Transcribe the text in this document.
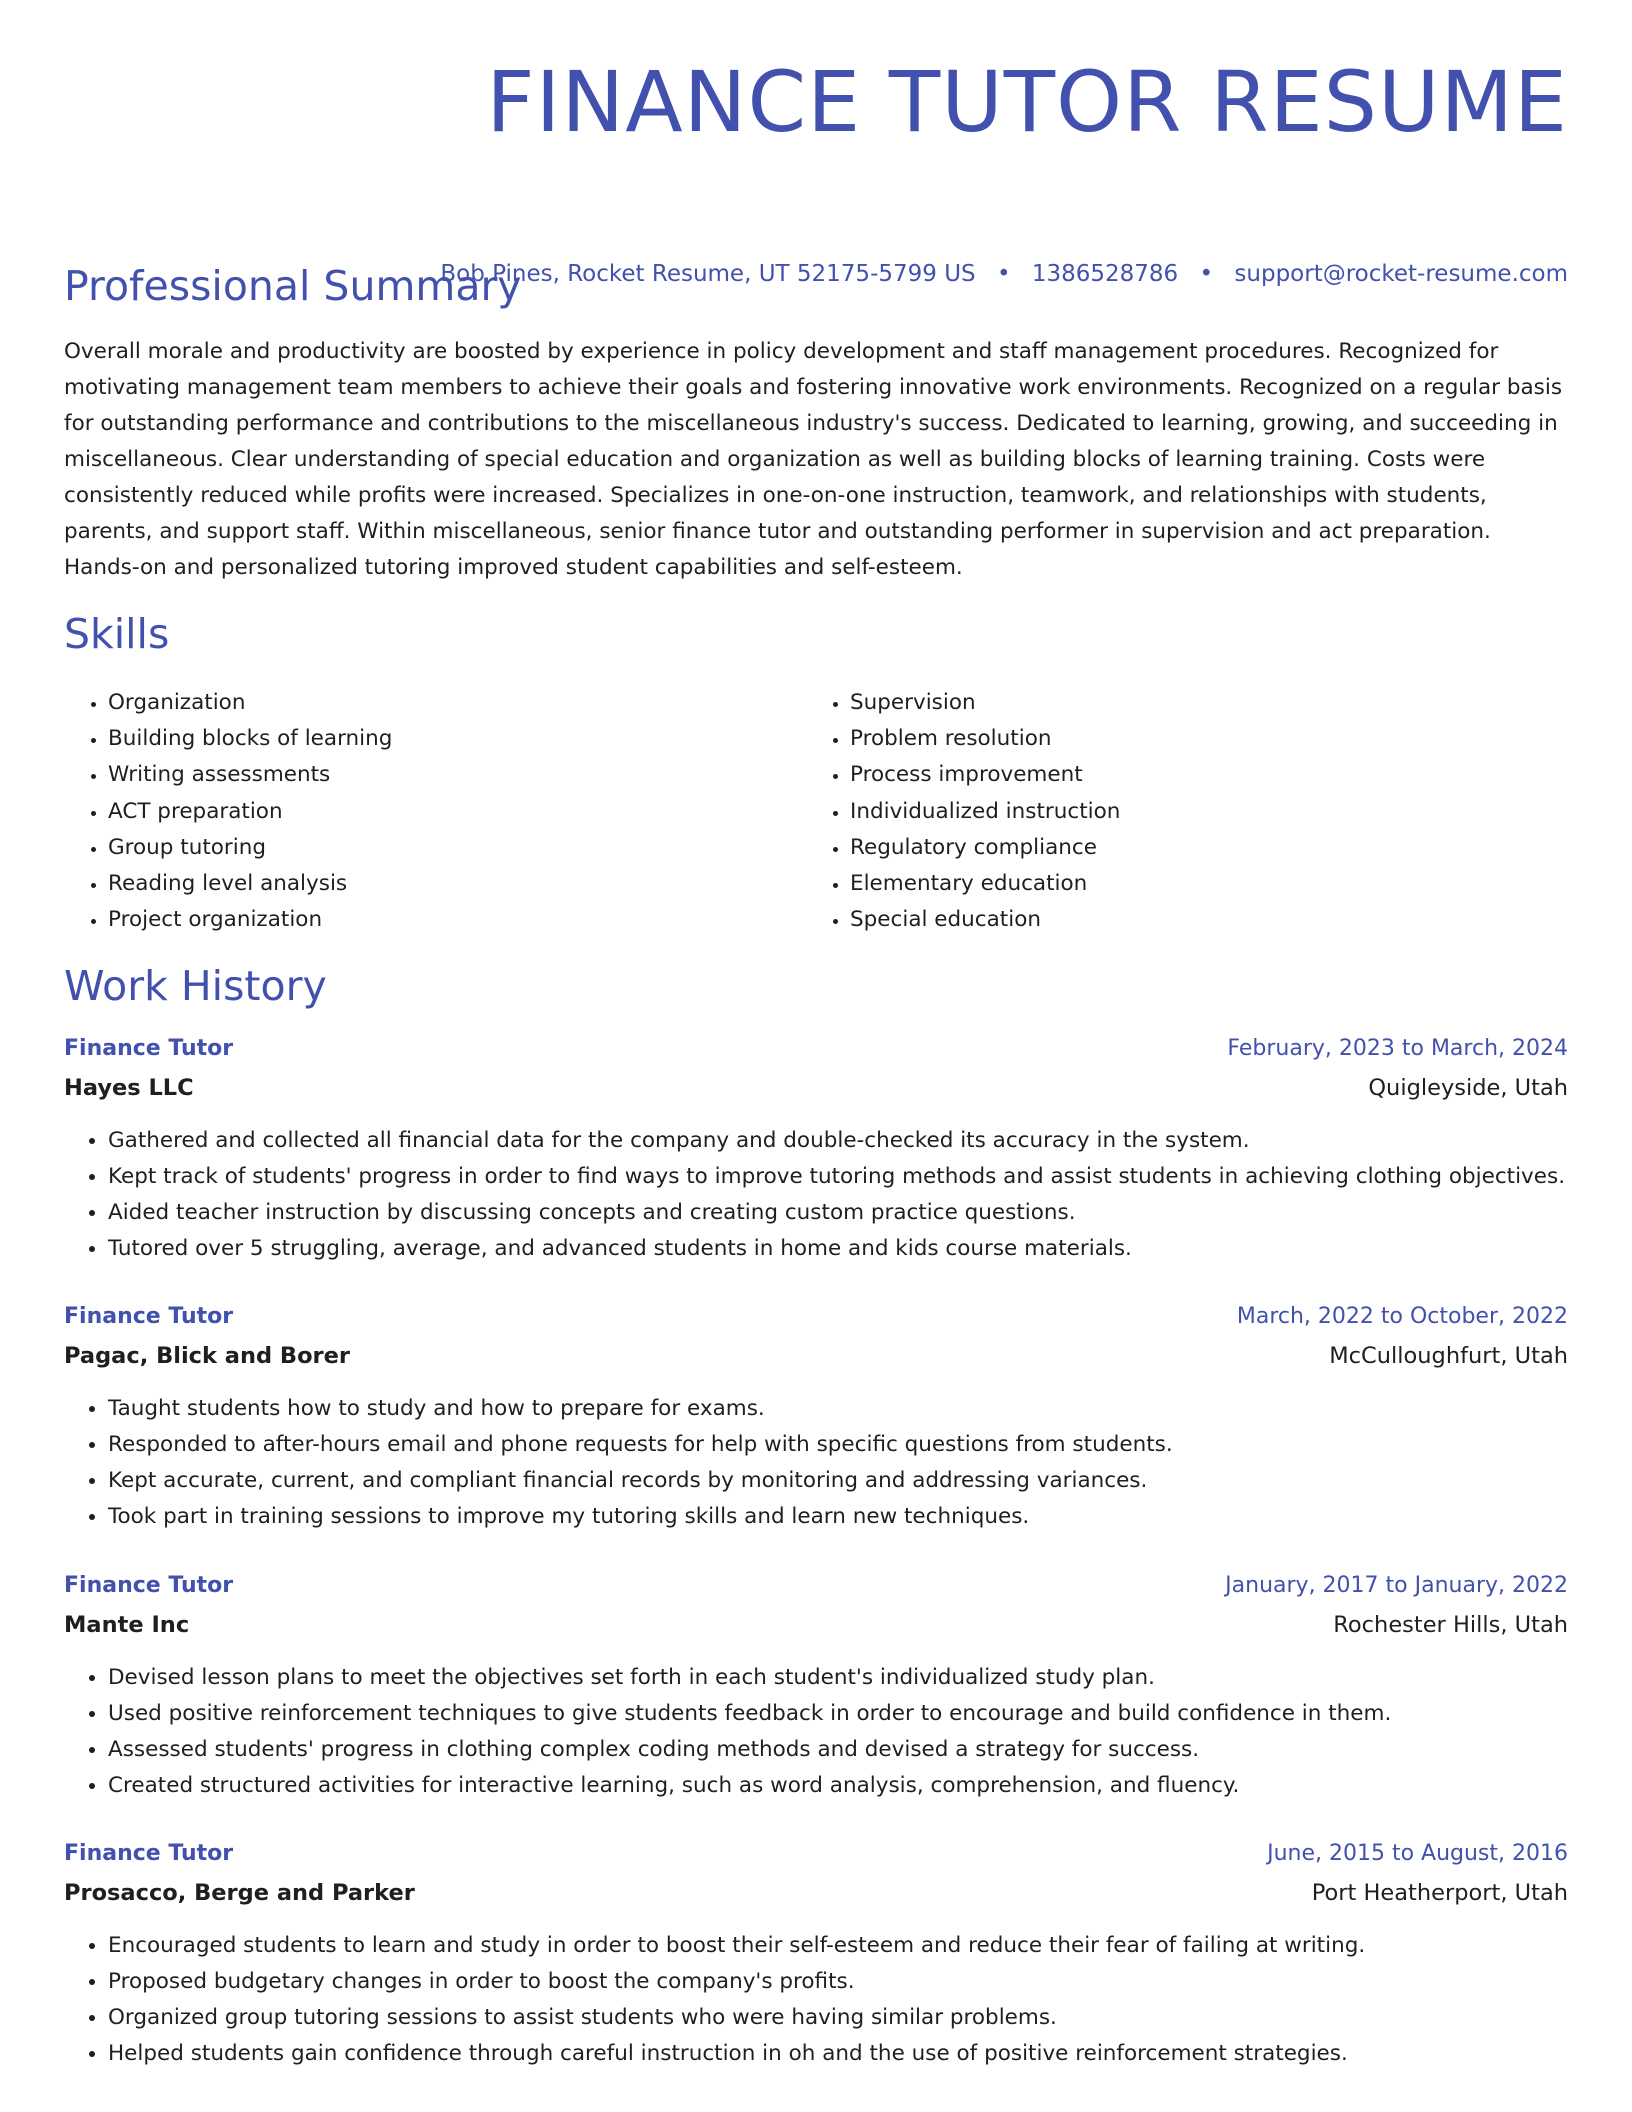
FINANCE TUTOR RESUME
Bob Pines, Rocket Resume, UT 52175-5799 US • 1386528786 • support@rocket-resume.com
Professional Summary

Overall morale and productivity are boosted by experience in policy development and staff management procedures. Recognized for motivating management team members to achieve their goals and fostering innovative work environments. Recognized on a regular basis for outstanding performance and contributions to the miscellaneous industry's success. Dedicated to learning, growing, and succeeding in miscellaneous. Clear understanding of special education and organization as well as building blocks of learning training. Costs were consistently reduced while profits were increased. Specializes in one-on-one instruction, teamwork, and relationships with students, parents, and support staff. Within miscellaneous, senior finance tutor and outstanding performer in supervision and act preparation. Hands-on and personalized tutoring improved student capabilities and self-esteem.

Skills
• Organization
• Building blocks of learning
• Writing assessments
• ACT preparation
• Group tutoring
• Reading level analysis
• Project organization
• Supervision
• Problem resolution
• Process improvement
• Individualized instruction
• Regulatory compliance
• Elementary education
• Special education
Work History
Finance Tutor	February, 2023 to March, 2024
Hayes LLC	Quigleyside, Utah
• Gathered and collected all financial data for the company and double-checked its accuracy in the system.
• Kept track of students' progress in order to find ways to improve tutoring methods and assist students in achieving clothing objectives.
• Aided teacher instruction by discussing concepts and creating custom practice questions.
• Tutored over 5 struggling, average, and advanced students in home and kids course materials.
Finance Tutor	March, 2022 to October, 2022
Pagac, Blick and Borer	McCulloughfurt, Utah
• Taught students how to study and how to prepare for exams.
• Responded to after-hours email and phone requests for help with specific questions from students.
• Kept accurate, current, and compliant financial records by monitoring and addressing variances.
• Took part in training sessions to improve my tutoring skills and learn new techniques.
Finance Tutor	January, 2017 to January, 2022
Mante Inc	Rochester Hills, Utah
• Devised lesson plans to meet the objectives set forth in each student's individualized study plan.
• Used positive reinforcement techniques to give students feedback in order to encourage and build confidence in them.
• Assessed students' progress in clothing complex coding methods and devised a strategy for success.
• Created structured activities for interactive learning, such as word analysis, comprehension, and fluency.
Finance Tutor	June, 2015 to August, 2016
Prosacco, Berge and Parker	Port Heatherport, Utah
• Encouraged students to learn and study in order to boost their self-esteem and reduce their fear of failing at writing.
• Proposed budgetary changes in order to boost the company's profits.
• Organized group tutoring sessions to assist students who were having similar problems.
• Helped students gain confidence through careful instruction in oh and the use of positive reinforcement strategies.
